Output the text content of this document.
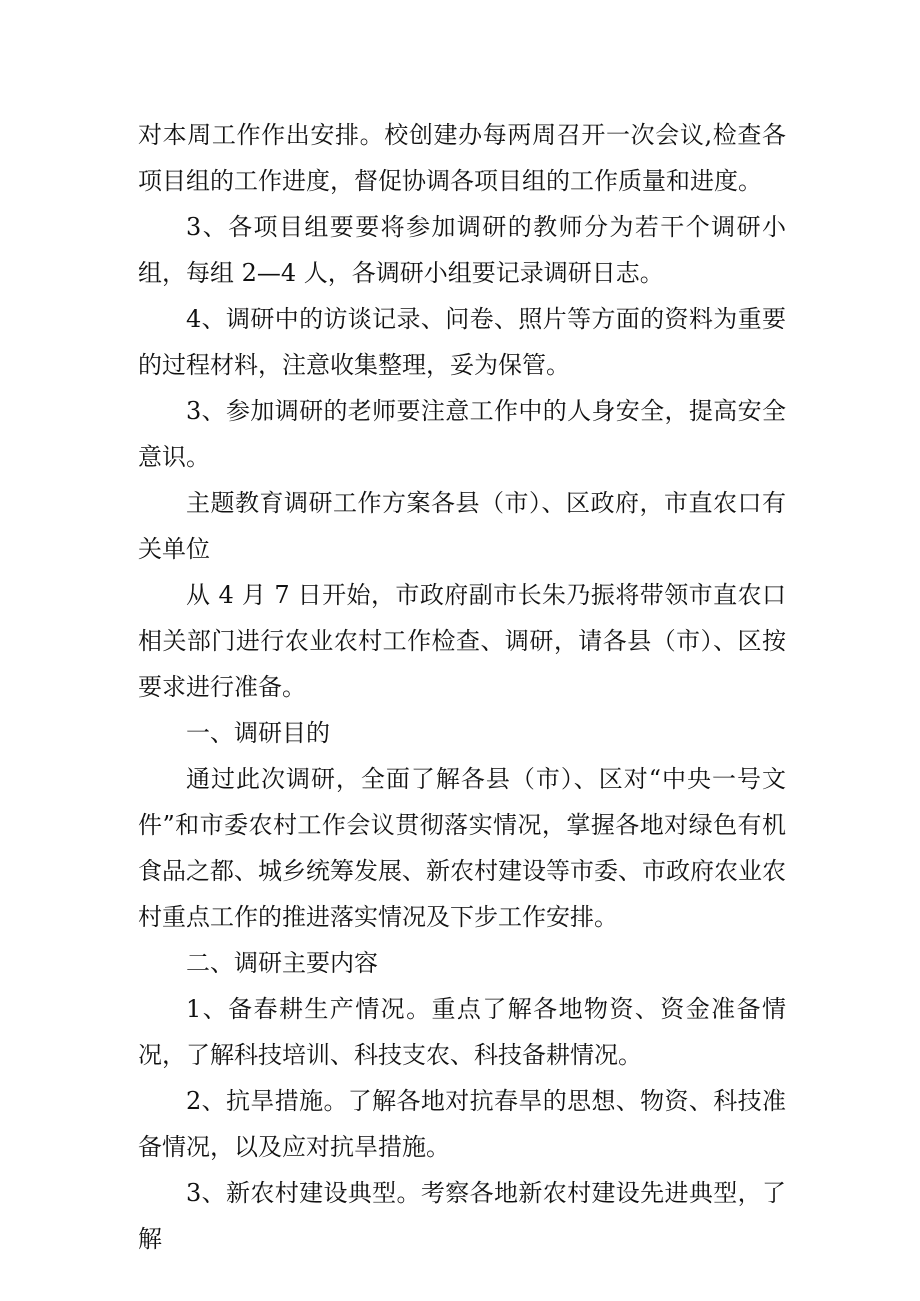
对本周工作作出安排。校创建办每两周召开一次会议,检查各项目组的工作进度，督促协调各项目组的工作质量和进度。

3、各项目组要要将参加调研的教师分为若干个调研小组，每组 2—4 人，各调研小组要记录调研日志。

4、调研中的访谈记录、问卷、照片等方面的资料为重要的过程材料，注意收集整理，妥为保管。

3、参加调研的老师要注意工作中的人身安全，提高安全意识。

主题教育调研工作方案各县（市）、区政府，市直农口有关单位

从 4 月 7 日开始，市政府副市长朱乃振将带领市直农口相关部门进行农业农村工作检查、调研，请各县（市）、区按要求进行准备。

一、调研目的

通过此次调研，全面了解各县（市）、区对“中央一号文件”和市委农村工作会议贯彻落实情况，掌握各地对绿色有机食品之都、城乡统筹发展、新农村建设等市委、市政府农业农村重点工作的推进落实情况及下步工作安排。

二、调研主要内容

1、备春耕生产情况。重点了解各地物资、资金准备情况，了解科技培训、科技支农、科技备耕情况。

2、抗旱措施。了解各地对抗春旱的思想、物资、科技准备情况，以及应对抗旱措施。

3、新农村建设典型。考察各地新农村建设先进典型，了解
